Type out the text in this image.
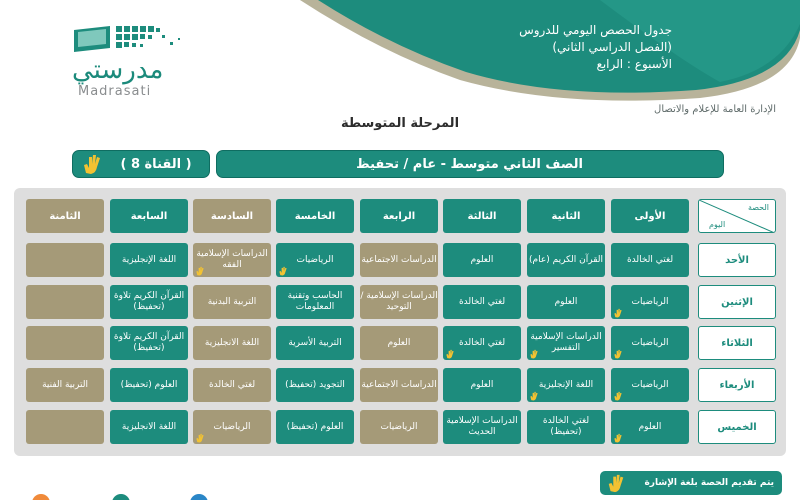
مدرستي
Madrasati
جدول الحصص اليومي للدروس
(الفصل الدراسي الثاني)
الأسبوع : الرابع
الإدارة العامة للإعلام والاتصال
المرحلة المتوسطة
الصف الثاني متوسط - عام / تحفيظ
( القناة 8 )
الحصة
اليوم
الأولى
الثانية
الثالثة
الرابعة
الخامسة
السادسة
السابعة
الثامنة
الأحد
الإثنين
الثلاثاء
الأربعاء
الخميس
لغتي الخالدة
القرآن الكريم (عام)
العلوم
الدراسات الاجتماعية
الرياضيات
الدراسات الإسلامية الفقه
اللغة الإنجليزية
الرياضيات
العلوم
لغتي الخالدة
الدراسات الإسلامية /التوحيد
الحاسب وتقنية المعلومات
التربية البدنية
القرآن الكريم تلاوة (تحفيظ)
الرياضيات
الدراسات الإسلامية التفسير
لغتي الخالدة
العلوم
التربية الأسرية
اللغة الانجليزية
القرآن الكريم تلاوة (تحفيظ)
الرياضيات
اللغة الإنجليزية
العلوم
الدراسات الاجتماعية
التجويد (تحفيظ)
لغتي الخالدة
العلوم (تحفيظ)
التربية الفنية
العلوم
لغتي الخالدة (تحفيظ)
الدراسات الإسلامية الحديث
الرياضيات
العلوم (تحفيظ)
الرياضيات
اللغة الانجليزية
يتم تقديم الحصة بلغة الإشارة
